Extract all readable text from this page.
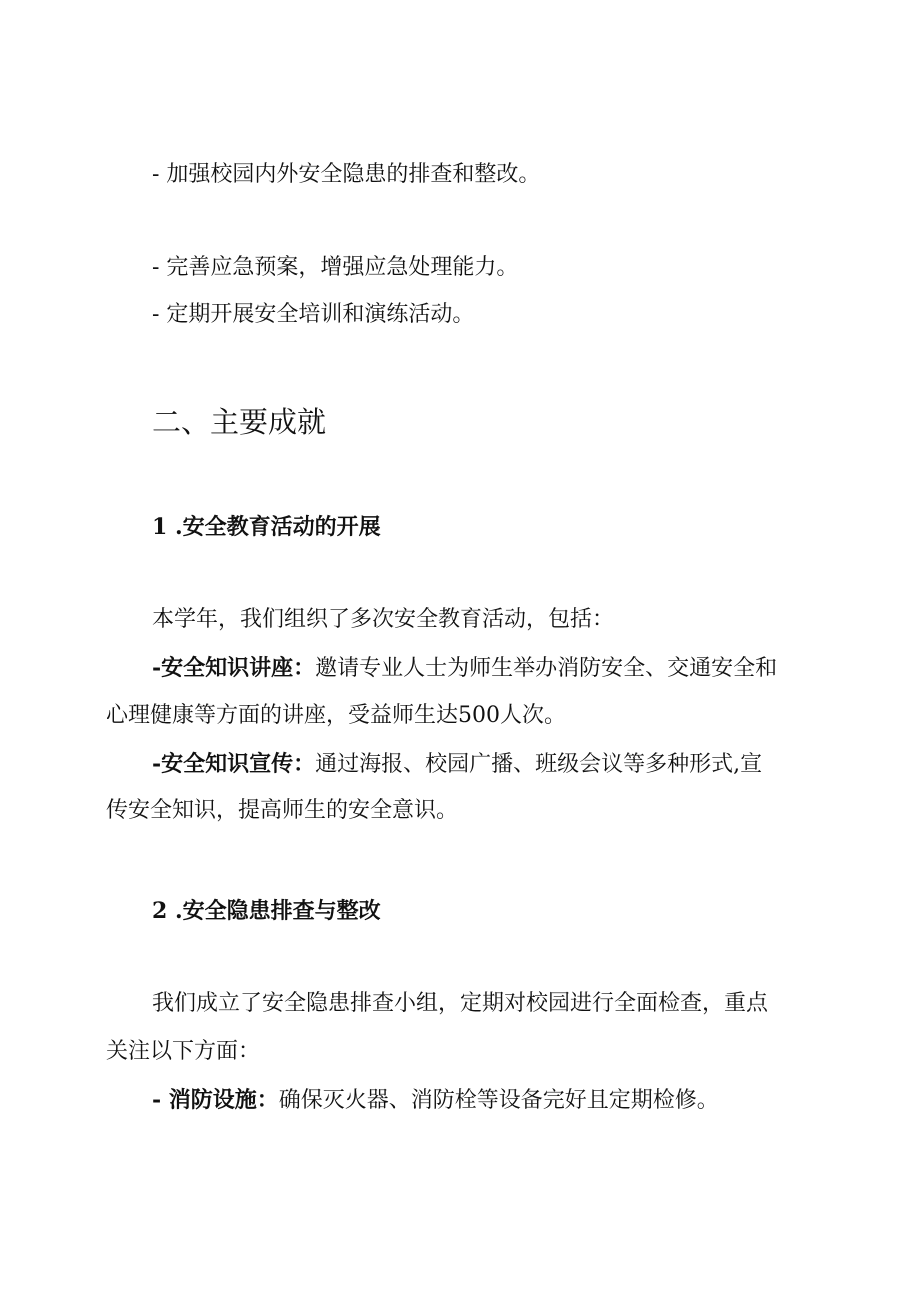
- 加强校园内外安全隐患的排查和整改。

- 完善应急预案，增强应急处理能力。

- 定期开展安全培训和演练活动。

二、主要成就
1 .安全教育活动的开展

本学年，我们组织了多次安全教育活动，包括：

-安全知识讲座：邀请专业人士为师生举办消防安全、交通安全和

心理健康等方面的讲座，受益师生达500人次。

-安全知识宣传：通过海报、校园广播、班级会议等多种形式,宣

传安全知识，提高师生的安全意识。

2 .安全隐患排查与整改

我们成立了安全隐患排查小组，定期对校园进行全面检查，重点

关注以下方面：

- 消防设施：确保灭火器、消防栓等设备完好且定期检修。
